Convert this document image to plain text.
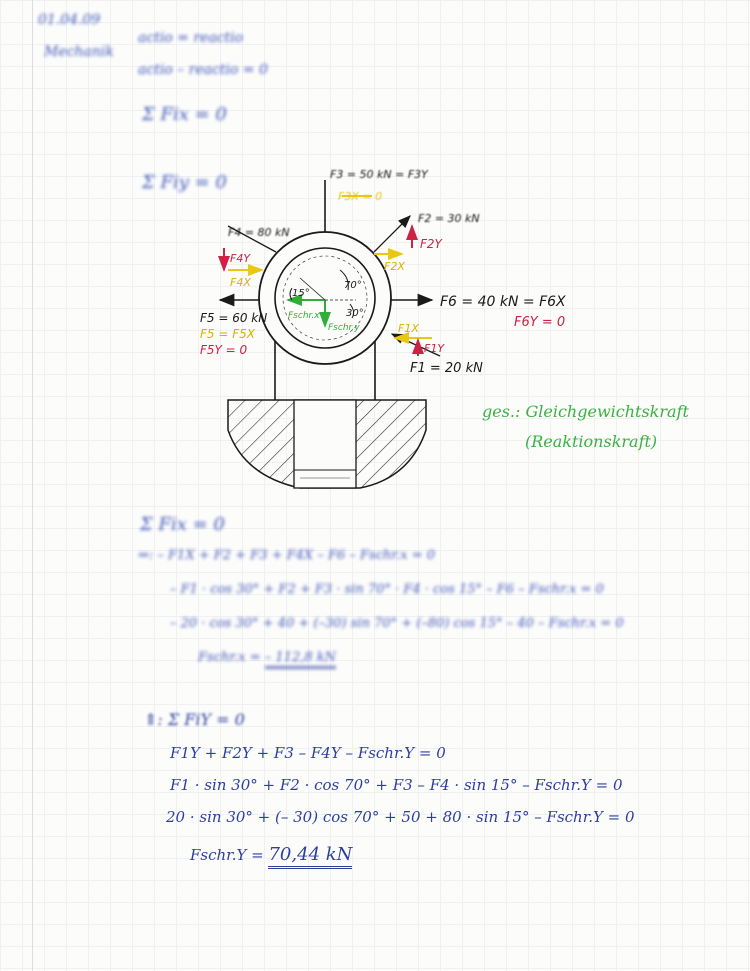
01.04.09
Mechanik
actio = reactio
actio – reactio = 0
Σ Fix = 0
Σ Fiy = 0	F3 = 50 kN = F3Y
F3X = 0
F4 = 80 kN
F4Y
F4X
F2 = 30 kN
F2Y
F2X
70°
15°
30°
Fschr.x
Fschr.y
F5 = 60 kN
F5 = F5X
F5Y = 0
F6 = 40 kN = F6X
F6Y = 0
F1X
F1Y
F1 = 20 kN
ges.: Gleichgewichtskraft
(Reaktionskraft)
Σ Fix = 0
⇒: – F1X + F2 + F3 + F4X – F6 – Fschr.x = 0
– F1 · cos 30° + F2 + F3 · sin 70° · F4 · cos 15° – F6 – Fschr.x = 0
– 20 · cos 30° + 40 + (–30) sin 70° + (–80) cos 15° – 40 – Fschr.x = 0
Fschr.x = – 112,8 kN
⇑: Σ FiY = 0
F1Y + F2Y + F3 – F4Y – Fschr.Y = 0
F1 · sin 30° + F2 · cos 70° + F3 – F4 · sin 15° – Fschr.Y = 0
20 · sin 30° + (– 30) cos 70° + 50 + 80 · sin 15° – Fschr.Y = 0
Fschr.Y = 70,44 kN
